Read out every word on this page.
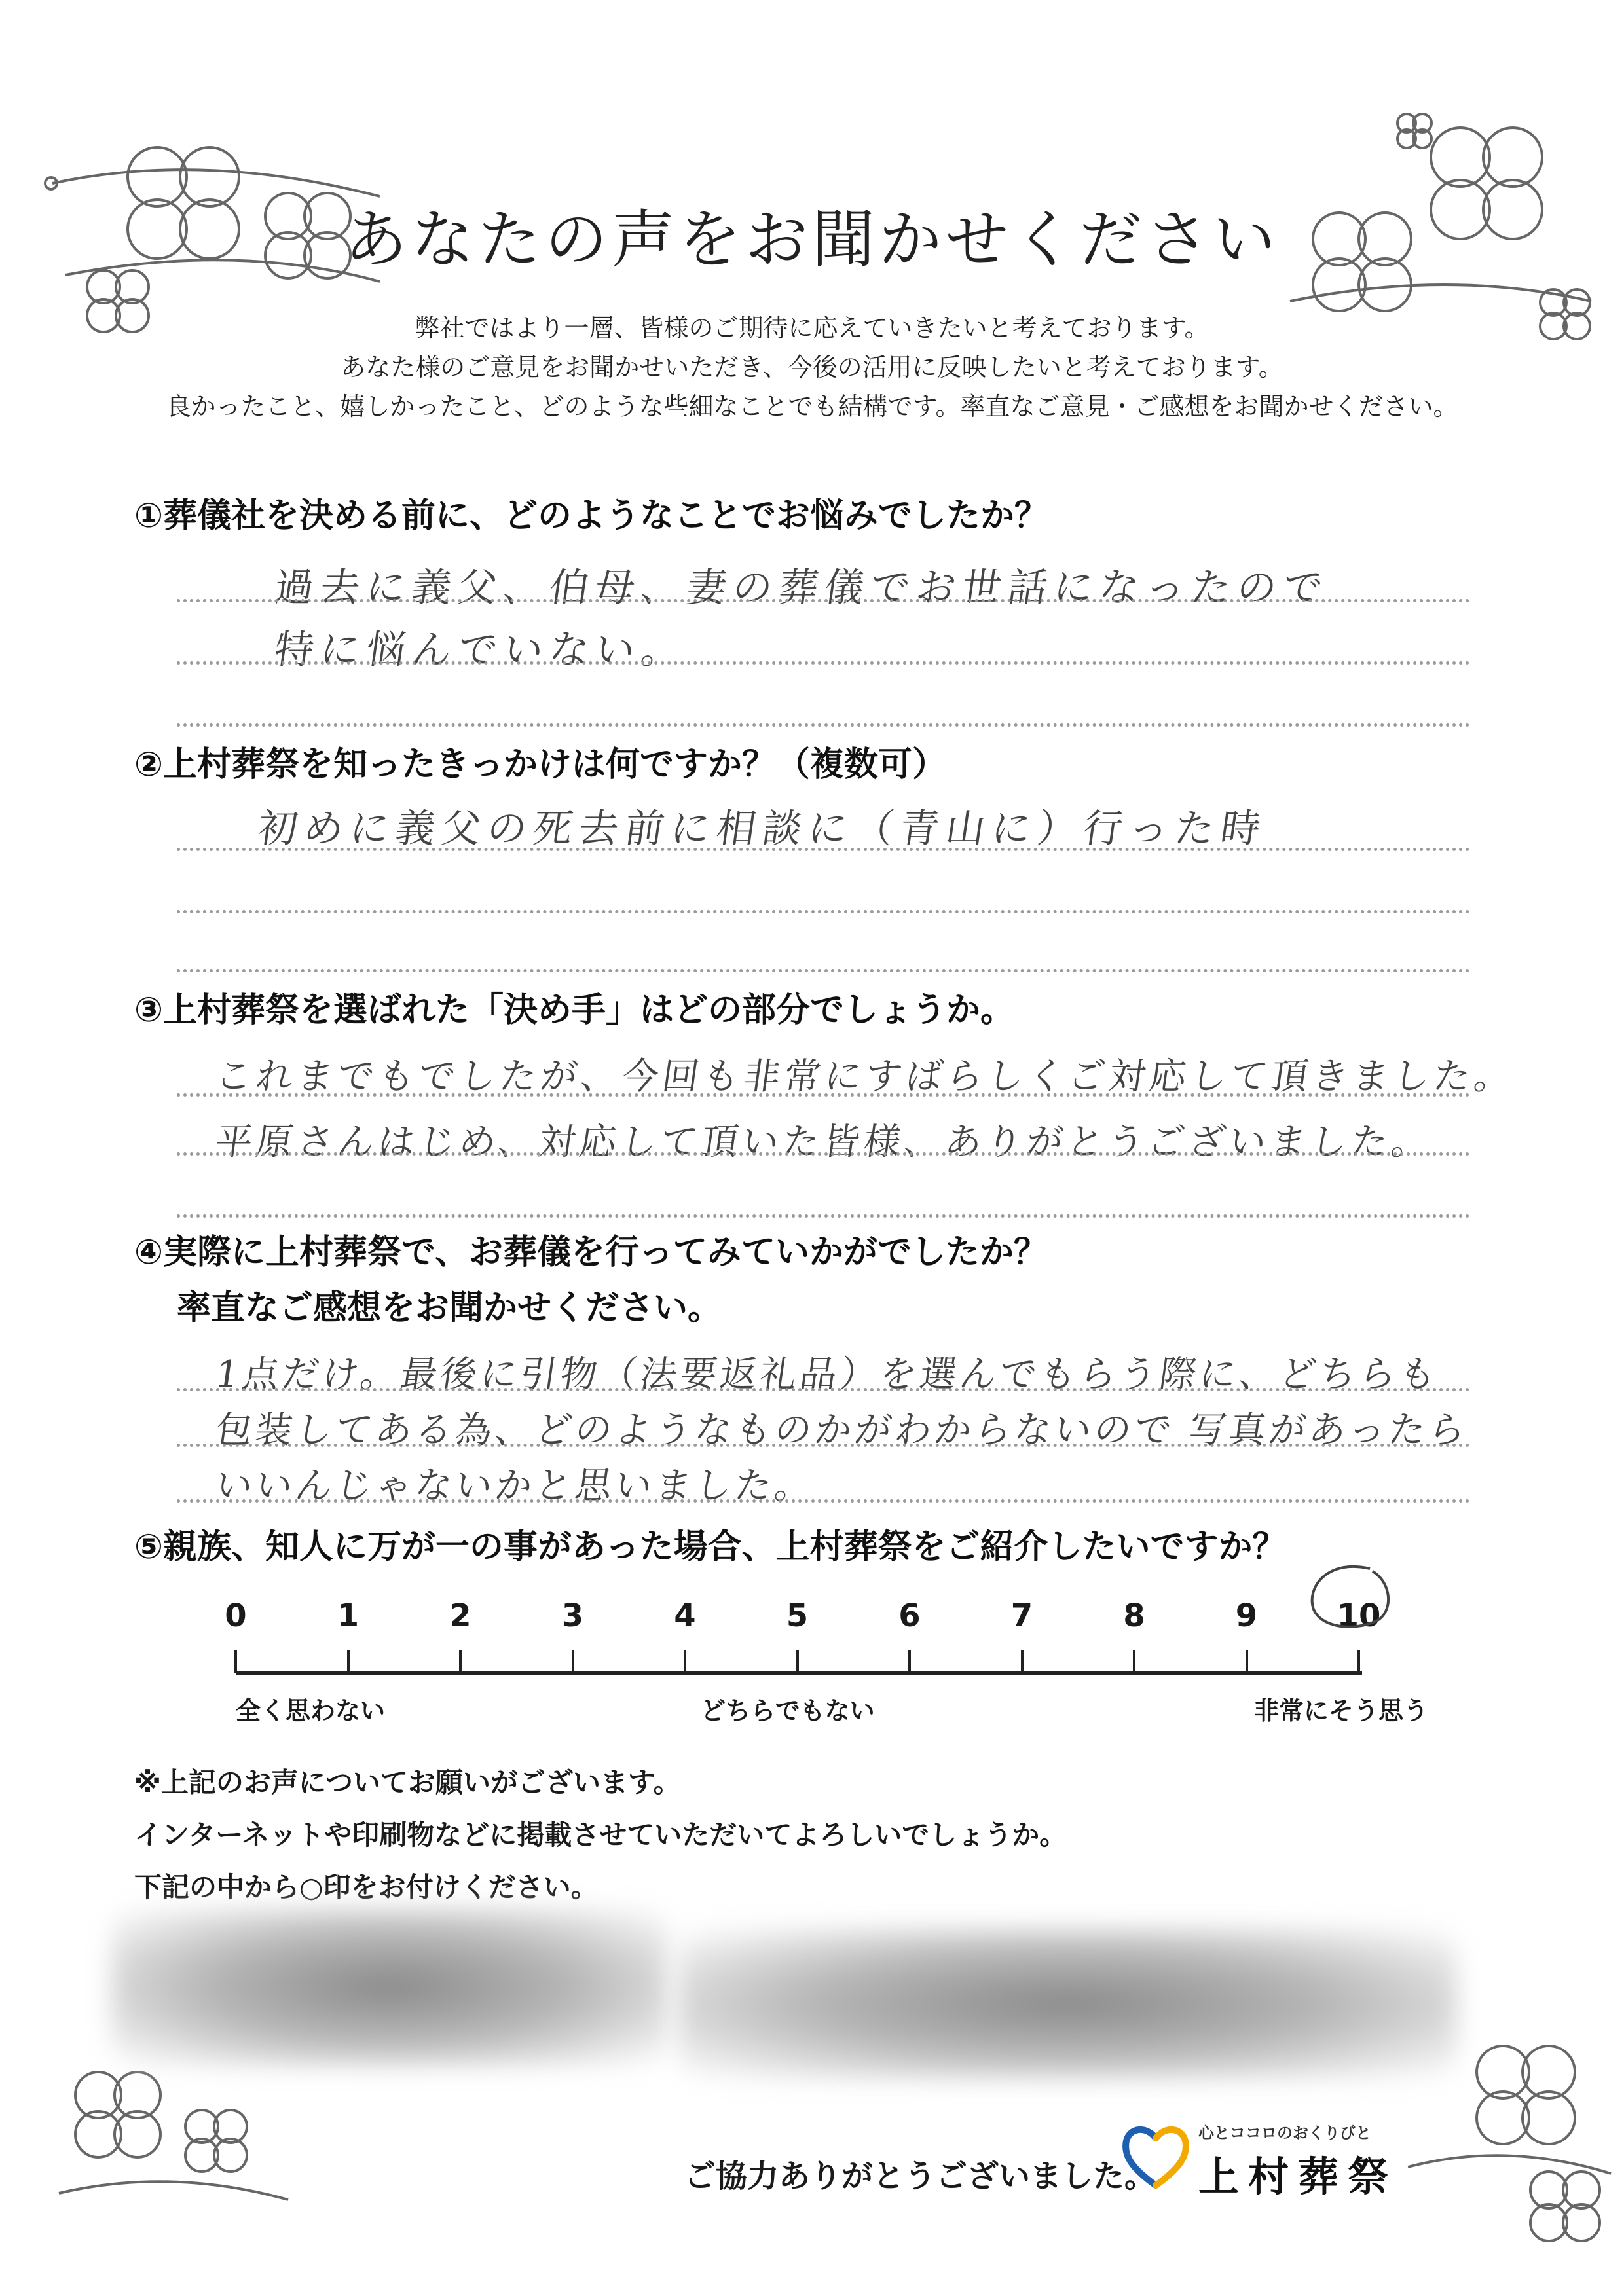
あなたの声をお聞かせください
弊社ではより一層、皆様のご期待に応えていきたいと考えております。
あなた様のご意見をお聞かせいただき、今後の活用に反映したいと考えております。
良かったこと、嬉しかったこと、どのような些細なことでも結構です。率直なご意見・ご感想をお聞かせください。
①葬儀社を決める前に、どのようなことでお悩みでしたか？
過去に義父、伯母、妻の葬儀でお世話になったので
特に悩んでいない。
②上村葬祭を知ったきっかけは何ですか？（複数可）
初めに義父の死去前に相談に（青山に）行った時
③上村葬祭を選ばれた「決め手」はどの部分でしょうか。
これまでもでしたが、今回も非常にすばらしくご対応して頂きました。
平原さんはじめ、対応して頂いた皆様、ありがとうございました。
④実際に上村葬祭で、お葬儀を行ってみていかがでしたか？
率直なご感想をお聞かせください。
1点だけ。最後に引物（法要返礼品）を選んでもらう際に、どちらも
包装してある為、どのようなものかがわからないので 写真があったら
いいんじゃないかと思いました。
⑤親族、知人に万が一の事があった場合、上村葬祭をご紹介したいですか？
0	1	2	3	4	5	6	7	8	9	10
全く思わない	どちらでもない	非常にそう思う
※上記のお声についてお願いがございます。
インターネットや印刷物などに掲載させていただいてよろしいでしょうか。
下記の中から○印をお付けください。
ご協力ありがとうございました。
心とココロのおくりびと
上村葬祭
